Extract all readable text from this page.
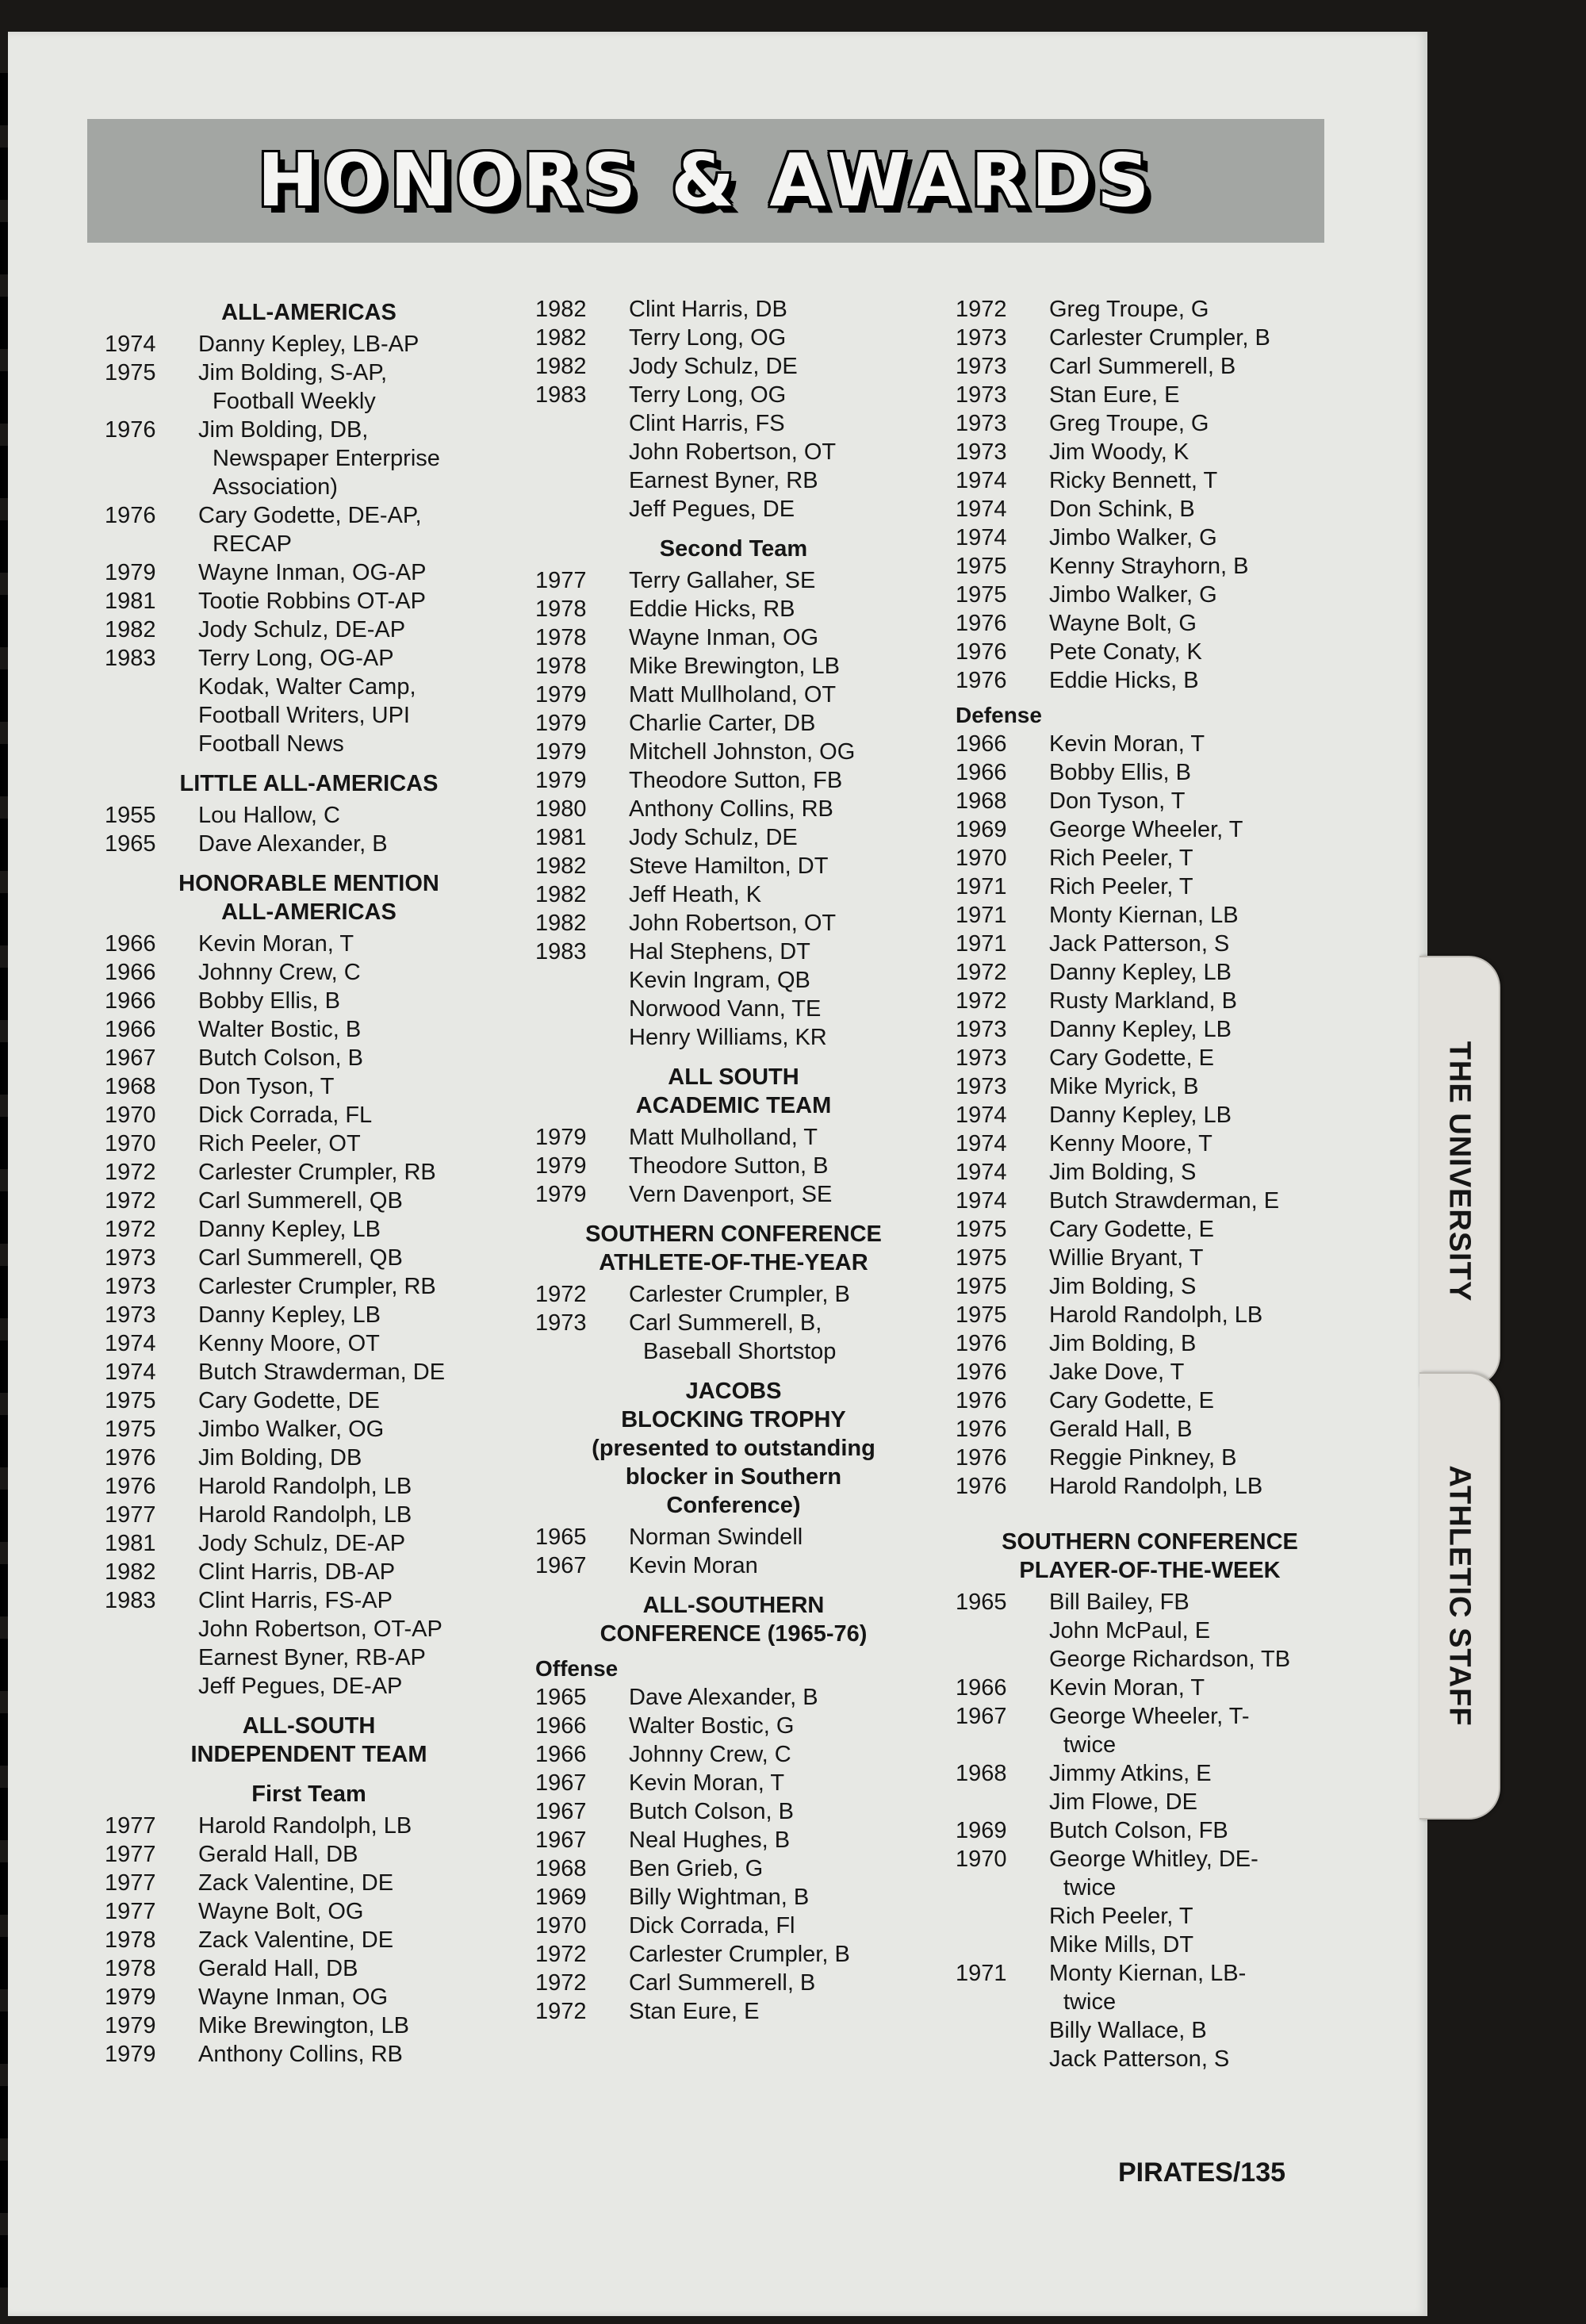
THE UNIVERSITY
ATHLETIC STAFF
HONORS & AWARDS
ALL-AMERICAS
1974	Danny Kepley, LB-AP
1975	Jim Bolding, S-AP,
Football Weekly
1976	Jim Bolding, DB,
Newspaper Enterprise
Association)
1976	Cary Godette, DE-AP,
RECAP
1979	Wayne Inman, OG-AP
1981	Tootie Robbins OT-AP
1982	Jody Schulz, DE-AP
1983	Terry Long, OG-AP
Kodak, Walter Camp,
Football Writers, UPI
Football News
LITTLE ALL-AMERICAS
1955	Lou Hallow, C
1965	Dave Alexander, B
HONORABLE MENTION
ALL-AMERICAS
1966	Kevin Moran, T
1966	Johnny Crew, C
1966	Bobby Ellis, B
1966	Walter Bostic, B
1967	Butch Colson, B
1968	Don Tyson, T
1970	Dick Corrada, FL
1970	Rich Peeler, OT
1972	Carlester Crumpler, RB
1972	Carl Summerell, QB
1972	Danny Kepley, LB
1973	Carl Summerell, QB
1973	Carlester Crumpler, RB
1973	Danny Kepley, LB
1974	Kenny Moore, OT
1974	Butch Strawderman, DE
1975	Cary Godette, DE
1975	Jimbo Walker, OG
1976	Jim Bolding, DB
1976	Harold Randolph, LB
1977	Harold Randolph, LB
1981	Jody Schulz, DE-AP
1982	Clint Harris, DB-AP
1983	Clint Harris, FS-AP
John Robertson, OT-AP
Earnest Byner, RB-AP
Jeff Pegues, DE-AP
ALL-SOUTH
INDEPENDENT TEAM
First Team
1977	Harold Randolph, LB
1977	Gerald Hall, DB
1977	Zack Valentine, DE
1977	Wayne Bolt, OG
1978	Zack Valentine, DE
1978	Gerald Hall, DB
1979	Wayne Inman, OG
1979	Mike Brewington, LB
1979	Anthony Collins, RB
1982	Clint Harris, DB
1982	Terry Long, OG
1982	Jody Schulz, DE
1983	Terry Long, OG
Clint Harris, FS
John Robertson, OT
Earnest Byner, RB
Jeff Pegues, DE
Second Team
1977	Terry Gallaher, SE
1978	Eddie Hicks, RB
1978	Wayne Inman, OG
1978	Mike Brewington, LB
1979	Matt Mullholand, OT
1979	Charlie Carter, DB
1979	Mitchell Johnston, OG
1979	Theodore Sutton, FB
1980	Anthony Collins, RB
1981	Jody Schulz, DE
1982	Steve Hamilton, DT
1982	Jeff Heath, K
1982	John Robertson, OT
1983	Hal Stephens, DT
Kevin Ingram, QB
Norwood Vann, TE
Henry Williams, KR
ALL SOUTH
ACADEMIC TEAM
1979	Matt Mulholland, T
1979	Theodore Sutton, B
1979	Vern Davenport, SE
SOUTHERN CONFERENCE
ATHLETE-OF-THE-YEAR
1972	Carlester Crumpler, B
1973	Carl Summerell, B,
Baseball Shortstop
JACOBS
BLOCKING TROPHY
(presented to outstanding
blocker in Southern
Conference)
1965	Norman Swindell
1967	Kevin Moran
ALL-SOUTHERN
CONFERENCE (1965-76)
Offense
1965	Dave Alexander, B
1966	Walter Bostic, G
1966	Johnny Crew, C
1967	Kevin Moran, T
1967	Butch Colson, B
1967	Neal Hughes, B
1968	Ben Grieb, G
1969	Billy Wightman, B
1970	Dick Corrada, Fl
1972	Carlester Crumpler, B
1972	Carl Summerell, B
1972	Stan Eure, E
1972	Greg Troupe, G
1973	Carlester Crumpler, B
1973	Carl Summerell, B
1973	Stan Eure, E
1973	Greg Troupe, G
1973	Jim Woody, K
1974	Ricky Bennett, T
1974	Don Schink, B
1974	Jimbo Walker, G
1975	Kenny Strayhorn, B
1975	Jimbo Walker, G
1976	Wayne Bolt, G
1976	Pete Conaty, K
1976	Eddie Hicks, B
Defense
1966	Kevin Moran, T
1966	Bobby Ellis, B
1968	Don Tyson, T
1969	George Wheeler, T
1970	Rich Peeler, T
1971	Rich Peeler, T
1971	Monty Kiernan, LB
1971	Jack Patterson, S
1972	Danny Kepley, LB
1972	Rusty Markland, B
1973	Danny Kepley, LB
1973	Cary Godette, E
1973	Mike Myrick, B
1974	Danny Kepley, LB
1974	Kenny Moore, T
1974	Jim Bolding, S
1974	Butch Strawderman, E
1975	Cary Godette, E
1975	Willie Bryant, T
1975	Jim Bolding, S
1975	Harold Randolph, LB
1976	Jim Bolding, B
1976	Jake Dove, T
1976	Cary Godette, E
1976	Gerald Hall, B
1976	Reggie Pinkney, B
1976	Harold Randolph, LB
SOUTHERN CONFERENCE
PLAYER-OF-THE-WEEK
1965	Bill Bailey, FB
John McPaul, E
George Richardson, TB
1966	Kevin Moran, T
1967	George Wheeler, T-
twice
1968	Jimmy Atkins, E
Jim Flowe, DE
1969	Butch Colson, FB
1970	George Whitley, DE-
twice
Rich Peeler, T
Mike Mills, DT
1971	Monty Kiernan, LB-
twice
Billy Wallace, B
Jack Patterson, S
PIRATES/135
